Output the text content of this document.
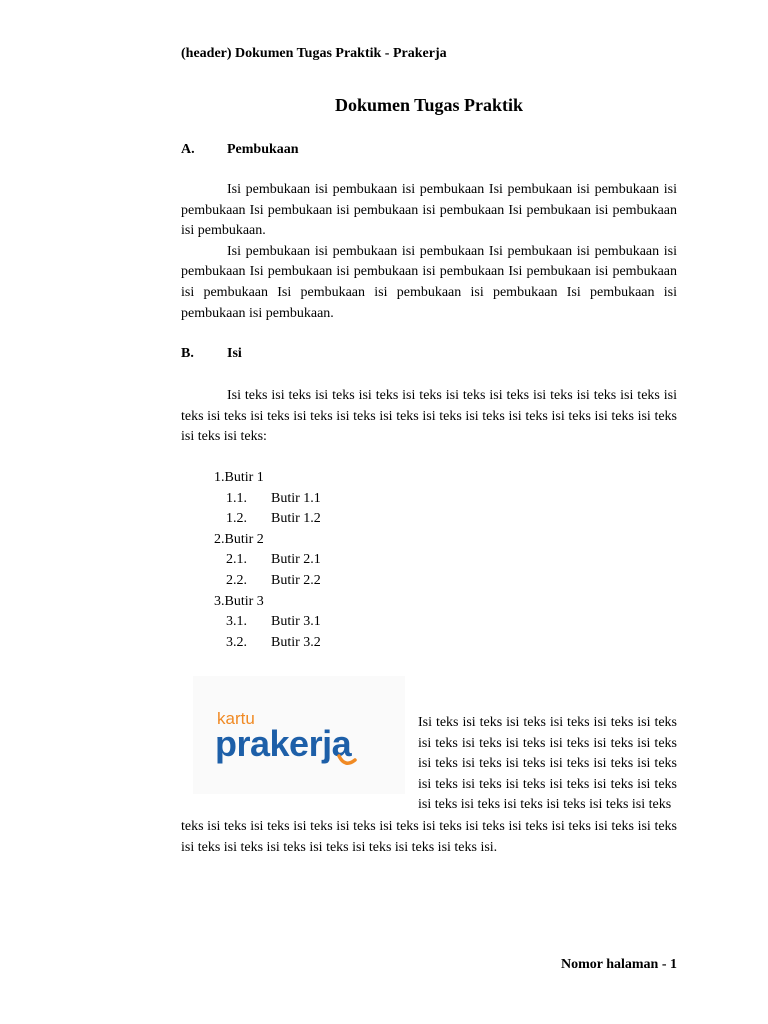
(header) Dokumen Tugas Praktik - Prakerja
Dokumen Tugas Praktik
A. Pembukaan

Isi pembukaan isi pembukaan isi pembukaan Isi pembukaan isi pembukaan isi pembukaan Isi pembukaan isi pembukaan isi pembukaan Isi pembukaan isi pembukaan isi pembukaan.

Isi pembukaan isi pembukaan isi pembukaan Isi pembukaan isi pembukaan isi pembukaan Isi pembukaan isi pembukaan isi pembukaan Isi pembukaan isi pembukaan isi pembukaan Isi pembukaan isi pembukaan isi pembukaan Isi pembukaan isi pembukaan isi pembukaan.

B. Isi

Isi teks isi teks isi teks isi teks isi teks isi teks isi teks isi teks isi teks isi teks isi teks isi teks isi teks isi teks isi teks isi teks isi teks isi teks isi teks isi teks isi teks isi teks isi teks isi teks:

1.Butir 1
1.1. Butir 1.1
1.2. Butir 1.2
2.Butir 2
2.1. Butir 2.1
2.2. Butir 2.2
3.Butir 3
3.1. Butir 3.1
3.2. Butir 3.2
kartu
prakerja
Isi teks isi teks isi teks isi teks isi teks isi teks isi teks isi teks isi teks isi teks isi teks isi teks isi teks isi teks isi teks isi teks isi teks isi teks isi teks isi teks isi teks isi teks isi teks isi teks isi teks isi teks isi teks isi teks isi teks isi teks
teks isi teks isi teks isi teks isi teks isi teks isi teks isi teks isi teks isi teks isi teks isi teks isi teks isi teks isi teks isi teks isi teks isi teks isi teks isi.
Nomor halaman - 1
